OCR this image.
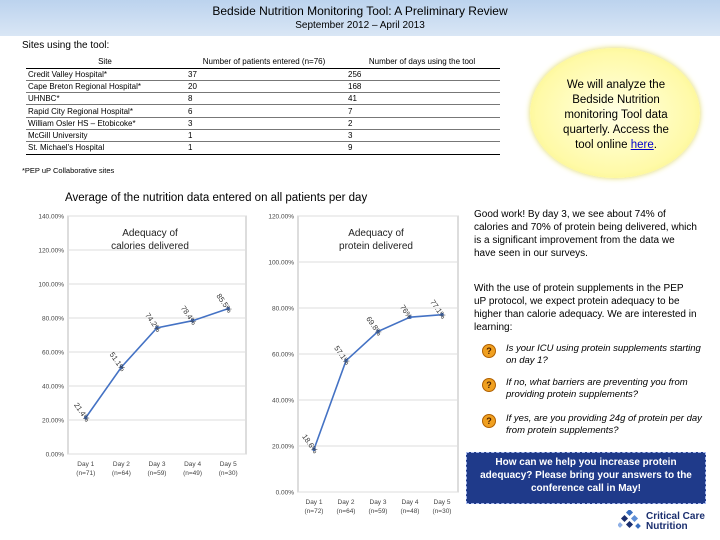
Bedside Nutrition Monitoring Tool: A Preliminary Review
September 2012 – April 2013
Sites using the tool:
Site	Number of patients entered (n=76)	Number of days using the tool
Credit Valley Hospital*	37	256
Cape Breton Regional Hospital*	20	168
UHNBC*	8	41
Rapid City Regional Hospital*	6	7
William Osler HS – Etobicoke*	3	2
McGill University	1	3
St. Michael's Hospital	1	9
*PEP uP Collaborative sites
We will analyze the Bedside Nutrition monitoring Tool data quarterly. Access the tool online here.
Average of the nutrition data entered on all patients per day
0.00%
20.00%
40.00%
60.00%
80.00%
100.00%
120.00%
140.00%
Day 1
(n=71)
Day 2
(n=64)
Day 3
(n=59)
Day 4
(n=49)
Day 5
(n=30)
Adequacy of
calories delivered
21.4%
51.1%
74.2% 78.4%
85.5%
0.00%
20.00%
40.00%
60.00%
80.00%
100.00%
120.00%
Day 1
(n=72)
Day 2
(n=64)
Day 3
(n=59)
Day 4
(n=48)
Day 5
(n=30)
Adequacy of
protein delivered
18.6%
57.1%
69.8%
76% 77.1%
Good work! By day 3, we see about 74% of calories and 70% of protein being delivered, which is a significant improvement from the data we have seen in our surveys.
With the use of protein supplements in the PEP uP protocol, we expect protein adequacy to be higher than calorie adequacy. We are interested in learning:
?	Is your ICU using protein supplements starting on day 1?
?	If no, what barriers are preventing you from providing protein supplements?
?	If yes, are you providing 24g of protein per day from protein supplements?
How can we help you increase protein adequacy? Please bring your answers to the conference call in May!
Critical Care
Nutrition
